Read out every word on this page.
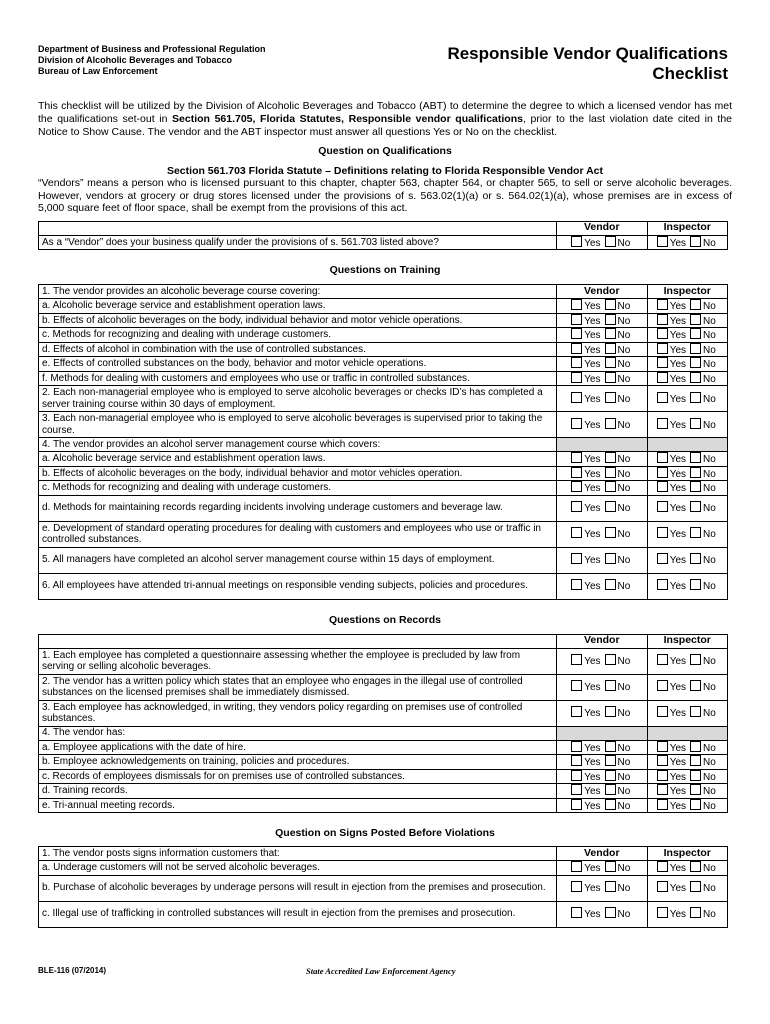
Department of Business and Professional Regulation
Division of Alcoholic Beverages and Tobacco
Bureau of Law Enforcement
Responsible Vendor Qualifications
Checklist
This checklist will be utilized by the Division of Alcoholic Beverages and Tobacco (ABT) to determine the degree to which a licensed vendor has met the qualifications set-out in Section 561.705, Florida Statutes, Responsible vendor qualifications, prior to the last violation date cited in the Notice to Show Cause. The vendor and the ABT inspector must answer all questions Yes or No on the checklist.
Question on Qualifications
Section 561.703 Florida Statute – Definitions relating to Florida Responsible Vendor Act
“Vendors” means a person who is licensed pursuant to this chapter, chapter 563, chapter 564, or chapter 565, to sell or serve alcoholic beverages. However, vendors at grocery or drug stores licensed under the provisions of s. 563.02(1)(a) or s. 564.02(1)(a), whose premises are in excess of 5,000 square feet of floor space, shall be exempt from the provisions of this act.
	Vendor	Inspector
As a “Vendor” does your business qualify under the provisions of s. 561.703 listed above?	Yes No	Yes No
Questions on Training
1. The vendor provides an alcoholic beverage course covering:	Vendor	Inspector
a. Alcoholic beverage service and establishment operation laws.	Yes No	Yes No
b. Effects of alcoholic beverages on the body, individual behavior and motor vehicle operations.	Yes No	Yes No
c. Methods for recognizing and dealing with underage customers.	Yes No	Yes No
d. Effects of alcohol in combination with the use of controlled substances.	Yes No	Yes No
e. Effects of controlled substances on the body, behavior and motor vehicle operations.	Yes No	Yes No
f. Methods for dealing with customers and employees who use or traffic in controlled substances.	Yes No	Yes No
2. Each non-managerial employee who is employed to serve alcoholic beverages or checks ID’s has completed a server training course within 30 days of employment.	Yes No	Yes No
3. Each non-managerial employee who is employed to serve alcoholic beverages is supervised prior to taking the course.	Yes No	Yes No
4. The vendor provides an alcohol server management course which covers:		
a. Alcoholic beverage service and establishment operation laws.	Yes No	Yes No
b. Effects of alcoholic beverages on the body, individual behavior and motor vehicles operation.	Yes No	Yes No
c. Methods for recognizing and dealing with underage customers.	Yes No	Yes No
d. Methods for maintaining records regarding incidents involving underage customers and beverage law.	Yes No	Yes No
e. Development of standard operating procedures for dealing with customers and employees who use or traffic in controlled substances.	Yes No	Yes No
5. All managers have completed an alcohol server management course within 15 days of employment.	Yes No	Yes No
6. All employees have attended tri-annual meetings on responsible vending subjects, policies and procedures.	Yes No	Yes No
Questions on Records
	Vendor	Inspector
1. Each employee has completed a questionnaire assessing whether the employee is precluded by law from serving or selling alcoholic beverages.	Yes No	Yes No
2. The vendor has a written policy which states that an employee who engages in the illegal use of controlled substances on the licensed premises shall be immediately dismissed.	Yes No	Yes No
3. Each employee has acknowledged, in writing, they vendors policy regarding on premises use of controlled substances.	Yes No	Yes No
4. The vendor has:		
a. Employee applications with the date of hire.	Yes No	Yes No
b. Employee acknowledgements on training, policies and procedures.	Yes No	Yes No
c. Records of employees dismissals for on premises use of controlled substances.	Yes No	Yes No
d. Training records.	Yes No	Yes No
e. Tri-annual meeting records.	Yes No	Yes No
Question on Signs Posted Before Violations
1. The vendor posts signs information customers that:	Vendor	Inspector
a. Underage customers will not be served alcoholic beverages.	Yes No	Yes No
b. Purchase of alcoholic beverages by underage persons will result in ejection from the premises and prosecution.	Yes No	Yes No
c. Illegal use of trafficking in controlled substances will result in ejection from the premises and prosecution.	Yes No	Yes No
BLE-116 (07/2014)	State Accredited Law Enforcement Agency
